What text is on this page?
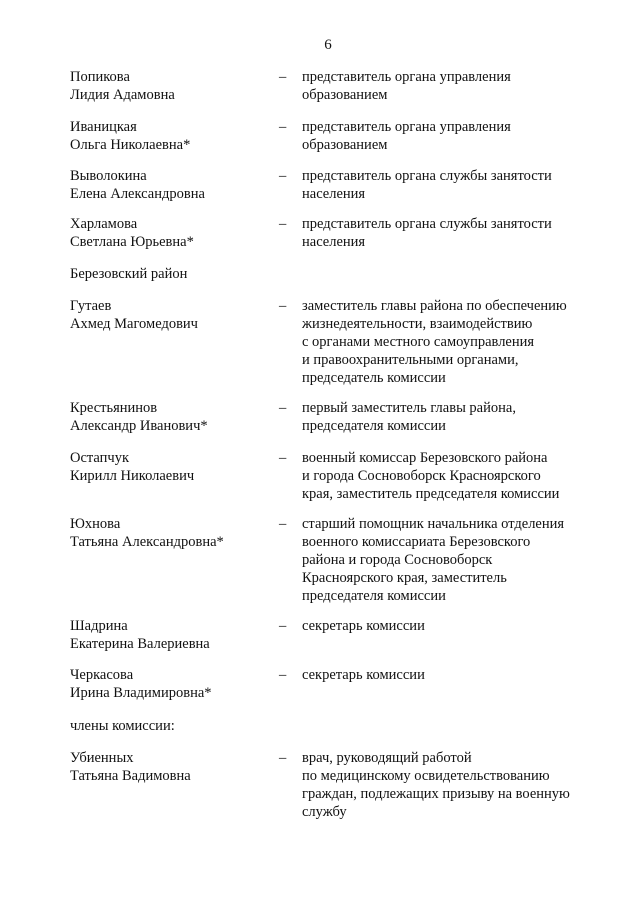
6
Попикова
Лидия Адамовна
– представитель органа управления
образованием
Иваницкая
Ольга Николаевна*
– представитель органа управления
образованием
Выволокина
Елена Александровна
– представитель органа службы занятости
населения
Харламова
Светлана Юрьевна*
– представитель органа службы занятости
населения
Березовский район
Гутаев
Ахмед Магомедович
– заместитель главы района по обеспечению
жизнедеятельности, взаимодействию
с органами местного самоуправления
и правоохранительными органами,
председатель комиссии
Крестьянинов
Александр Иванович*
– первый заместитель главы района,
председателя комиссии
Остапчук
Кирилл Николаевич
– военный комиссар Березовского района
и города Сосновоборск Красноярского
края, заместитель председателя комиссии
Юхнова
Татьяна Александровна*
– старший помощник начальника отделения
военного комиссариата Березовского
района и города Сосновоборск
Красноярского края, заместитель
председателя комиссии
Шадрина
Екатерина Валериевна
– секретарь комиссии
Черкасова
Ирина Владимировна*
– секретарь комиссии
члены комиссии:
Убиенных
Татьяна Вадимовна
– врач, руководящий работой
по медицинскому освидетельствованию
граждан, подлежащих призыву на военную
службу
